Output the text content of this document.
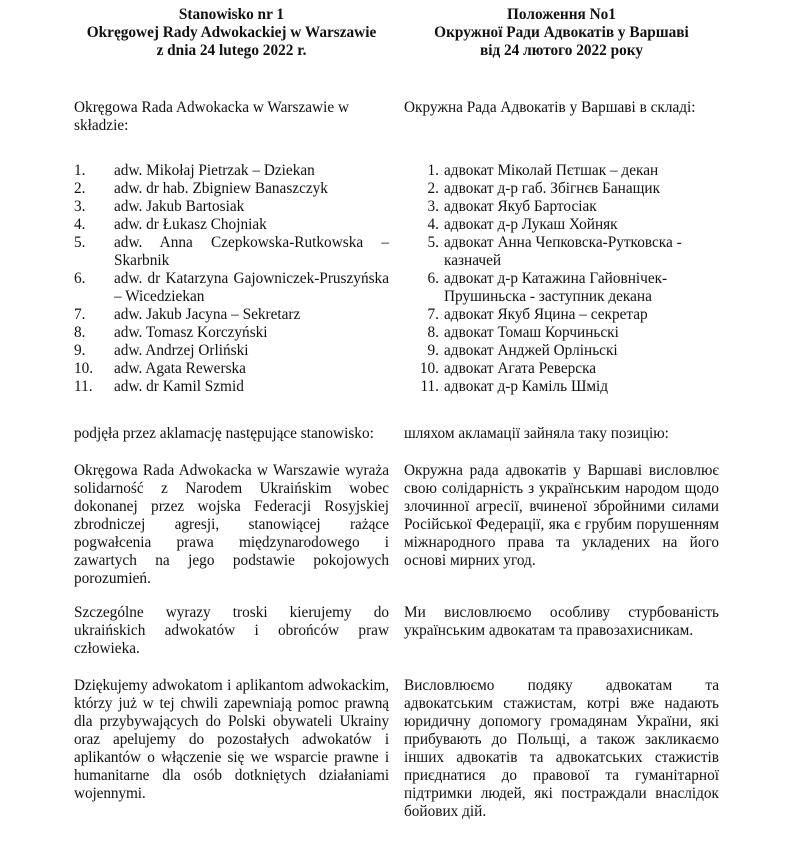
Stanowisko nr 1
Okręgowej Rady Adwokackiej w Warszawie
z dnia 24 lutego 2022 r.
Okręgowa Rada Adwokacka w Warszawie w składzie:
1.	adw. Mikołaj Pietrzak – Dziekan
2.	adw. dr hab. Zbigniew Banaszczyk
3.	adw. Jakub Bartosiak
4.	adw. dr Łukasz Chojniak
5.	adw. Anna Czepkowska-Rutkowska – Skarbnik
6.	adw. dr Katarzyna Gajowniczek-Pruszyńska – Wicedziekan
7.	adw. Jakub Jacyna – Sekretarz
8.	adw. Tomasz Korczyński
9.	adw. Andrzej Orliński
10.	adw. Agata Rewerska
11.	adw. dr Kamil Szmid
podjęła przez aklamację następujące stanowisko:
Okręgowa Rada Adwokacka w Warszawie wyraża solidarność z Narodem Ukraińskim wobec dokonanej przez wojska Federacji Rosyjskiej zbrodniczej agresji, stanowiącej rażące pogwałcenia prawa międzynarodowego i zawartych na jego podstawie pokojowych porozumień.
Szczególne wyrazy troski kierujemy do ukraińskich adwokatów i obrońców praw człowieka.
Dziękujemy adwokatom i aplikantom adwokackim, którzy już w tej chwili zapewniają pomoc prawną dla przybywających do Polski obywateli Ukrainy oraz apelujemy do pozostałych adwokatów i aplikantów o włączenie się we wsparcie prawne i humanitarne dla osób dotkniętych działaniami wojennymi.
Положення No1
Окружної Ради Адвокатів у Варшаві
від 24 лютого 2022 року
Окружна Рада Адвокатів у Варшаві в складі:
1. адвокат Міколай Пєтшак – декан
2. адвокат д-р габ. Збігнєв Банащик
3. адвокат Якуб Бартосіак
4. адвокат д-р Лукаш Хойняк
5. адвокат Анна Чепковска-Рутковска - казначей
6. адвокат д-р Катажина Гайовнічек-Прушиньска - заступник декана
7. адвокат Якуб Яцина – секретар
8. адвокат Томаш Корчиньскі
9. адвокат Анджей Орліньскі
10. адвокат Агата Реверска
11. адвокат д-р Каміль Шмід
шляхом акламації зайняла таку позицію:
Окружна рада адвокатів у Варшаві висловлює свою солідарність з українським народом щодо злочинної агресії, вчиненої збройними силами Російської Федерації, яка є грубим порушенням міжнародного права та укладених на його основі мирних угод.
Ми висловлюємо особливу стурбованість українським адвокатам та правозахисникам.
Висловлюємо подяку адвокатам та адвокатським стажистам, котрі вже надають юридичну допомогу громадянам України, які прибувають до Польщі, а також закликаємо інших адвокатів та адвокатських стажистів приєднатися до правової та гуманітарної підтримки людей, які постраждали внаслідок бойових дій.
